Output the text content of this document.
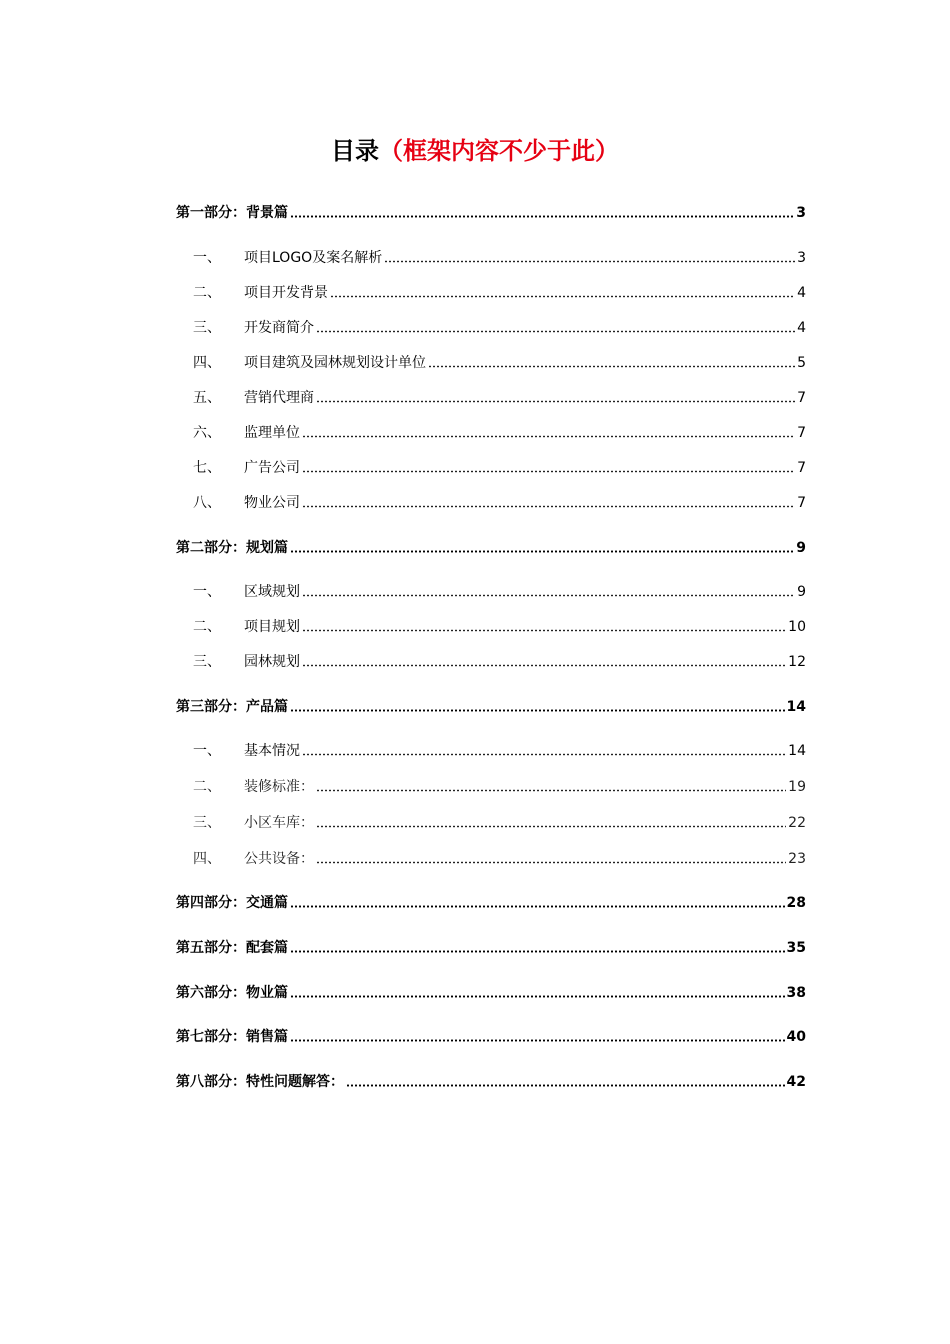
目录（框架内容不少于此）
第一部分：背景篇	3
一、	项目LOGO及案名解析	3
二、	项目开发背景	4
三、	开发商简介	4
四、	项目建筑及园林规划设计单位	5
五、	营销代理商	7
六、	监理单位	7
七、	广告公司	7
八、	物业公司	7
第二部分：规划篇	9
一、	区域规划	9
二、	项目规划	10
三、	园林规划	12
第三部分：产品篇	14
一、	基本情况	14
二、	装修标准：	19
三、	小区车库：	22
四、	公共设备：	23
第四部分：交通篇	28
第五部分：配套篇	35
第六部分：物业篇	38
第七部分：销售篇	40
第八部分：特性问题解答：	42
